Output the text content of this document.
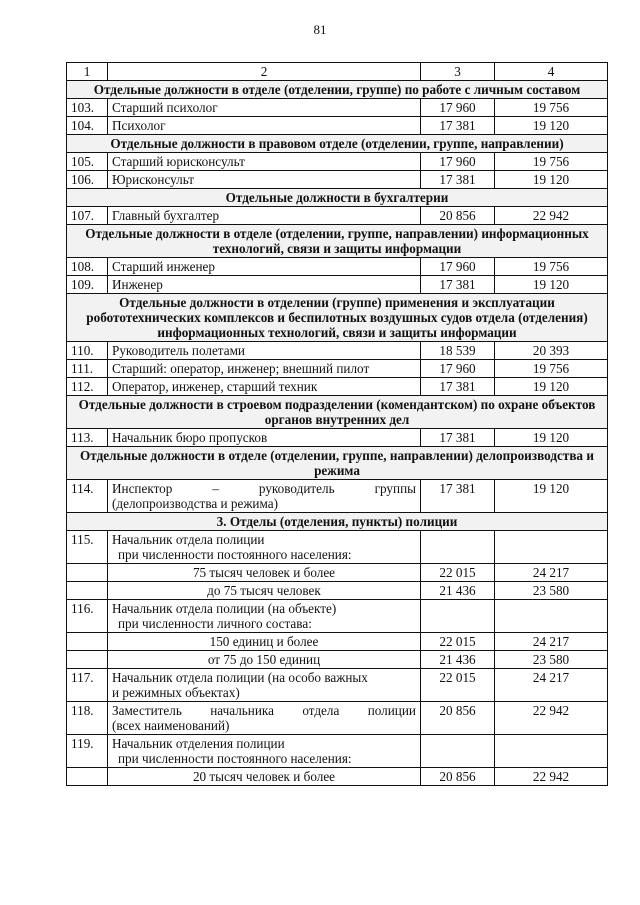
81
1	2	3	4
Отдельные должности в отделе (отделении, группе) по работе с личным составом			
103.	Старший психолог	17 960	19 756
104.	Психолог	17 381	19 120
Отдельные должности в правовом отделе (отделении, группе, направлении)			
105.	Старший юрисконсульт	17 960	19 756
106.	Юрисконсульт	17 381	19 120
Отдельные должности в бухгалтерии			
107.	Главный бухгалтер	20 856	22 942
Отдельные должности в отделе (отделении, группе, направлении) информационных технологий, связи и защиты информации			
108.	Старший инженер	17 960	19 756
109.	Инженер	17 381	19 120
Отдельные должности в отделении (группе) применения и эксплуатации робототехнических комплексов и беспилотных воздушных судов отдела (отделения) информационных технологий, связи и защиты информации			
110.	Руководитель полетами	18 539	20 393
111.	Старший: оператор, инженер; внешний пилот	17 960	19 756
112.	Оператор, инженер, старший техник	17 381	19 120
Отдельные должности в строевом подразделении (комендантском) по охране объектов органов внутренних дел			
113.	Начальник бюро пропусков	17 381	19 120
Отдельные должности в отделе (отделении, группе, направлении) делопроизводства и режима			
114.	Инспектор – руководитель группы
(делопроизводства и режима)	17 381	19 120
3. Отделы (отделения, пункты) полиции			
115.	Начальник отдела полиции
при численности постоянного населения:		

	75 тысяч человек и более	22 015	24 217
	до 75 тысяч человек	21 436	23 580
116.	Начальник отдела полиции (на объекте)
при численности личного состава:		

	150 единиц и более	22 015	24 217
	от 75 до 150 единиц	21 436	23 580
117.	Начальник отдела полиции (на особо важных
и режимных объектах)	22 015	24 217
118.	Заместитель начальника отдела полиции
(всех наименований)	20 856	22 942
119.	Начальник отделения полиции
при численности постоянного населения:		

	20 тысяч человек и более	20 856	22 942
